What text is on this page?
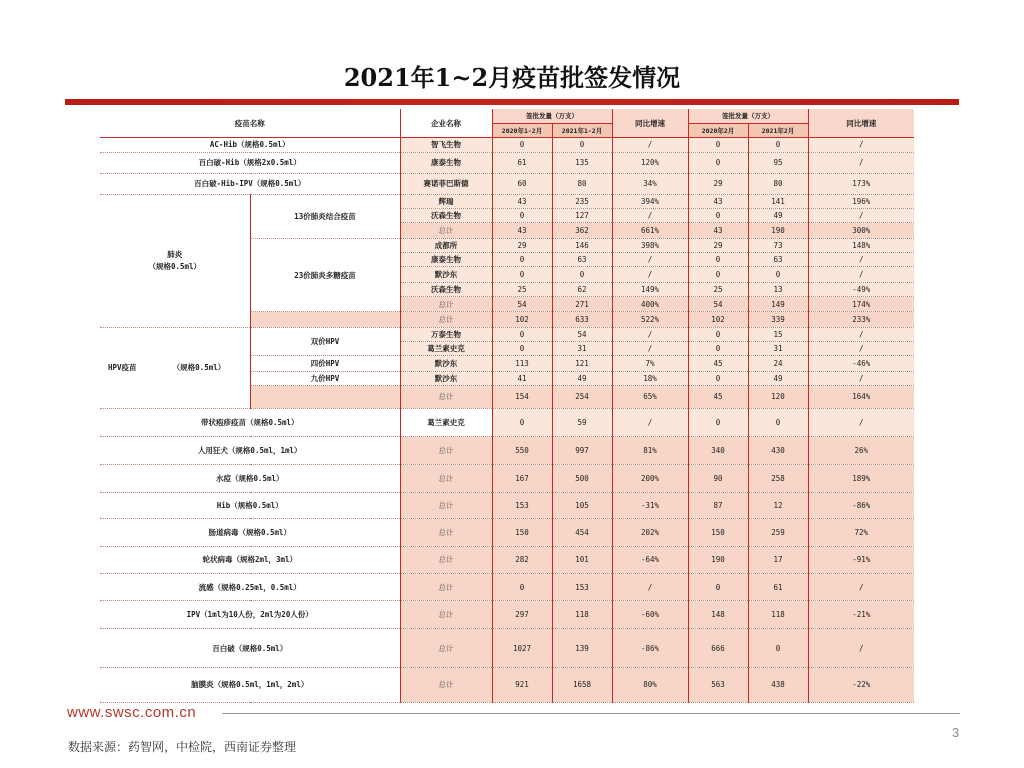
2021年1~2月疫苗批签发情况
疫苗名称		企业名称	签批发量（万支）		同比增速	签批发量（万支）		同比增速
			2020年1-2月	2021年1-2月		2020年2月	2021年2月	
AC-Hib（规格0.5ml）		智飞生物	0	0	/	0	0	/
百白破-Hib（规格2x0.5ml）		康泰生物	61	135	120%	0	95	/
百白破-Hib-IPV（规格0.5ml）		赛诺菲巴斯德	60	80	34%	29	80	173%
肺炎
（规格0.5ml）	13价肺炎结合疫苗	辉瑞	43	235	394%	43	141	196%
		沃森生物	0	127	/	0	49	/
		总计	43	362	661%	43	190	300%
	23价肺炎多糖疫苗	成都所	29	146	398%	29	73	148%
		康泰生物	0	63	/	0	63	/
		默沙东	0	0	/	0	0	/
		沃森生物	25	62	149%	25	13	-49%
		总计	54	271	400%	54	149	174%
		总计	102	633	522%	102	339	233%
HPV疫苗        （规格0.5ml）	双价HPV	万泰生物	0	54	/	0	15	/
		葛兰素史克	0	31	/	0	31	/
	四价HPV	默沙东	113	121	7%	45	24	-46%
	九价HPV	默沙东	41	49	18%	0	49	/
		总计	154	254	65%	45	120	164%
带状疱疹疫苗（规格0.5ml）		葛兰素史克	0	59	/	0	0	/
人用狂犬（规格0.5ml，1ml）		总计	550	997	81%	340	430	26%
水痘（规格0.5ml）		总计	167	500	200%	90	258	189%
Hib（规格0.5ml）		总计	153	105	-31%	87	12	-86%
肠道病毒（规格0.5ml）		总计	150	454	202%	150	259	72%
轮状病毒（规格2ml，3ml）		总计	282	101	-64%	190	17	-91%
流感（规格0.25ml，0.5ml）		总计	0	153	/	0	61	/
IPV（1ml为10人份，2ml为20人份）		总计	297	118	-60%	148	118	-21%
百白破（规格0.5ml）		总计	1027	139	-86%	666	0	/
脑膜炎（规格0.5ml，1ml，2ml）		总计	921	1658	80%	563	438	-22%
www.swsc.com.cn
3
数据来源：药智网，中检院，西南证券整理
